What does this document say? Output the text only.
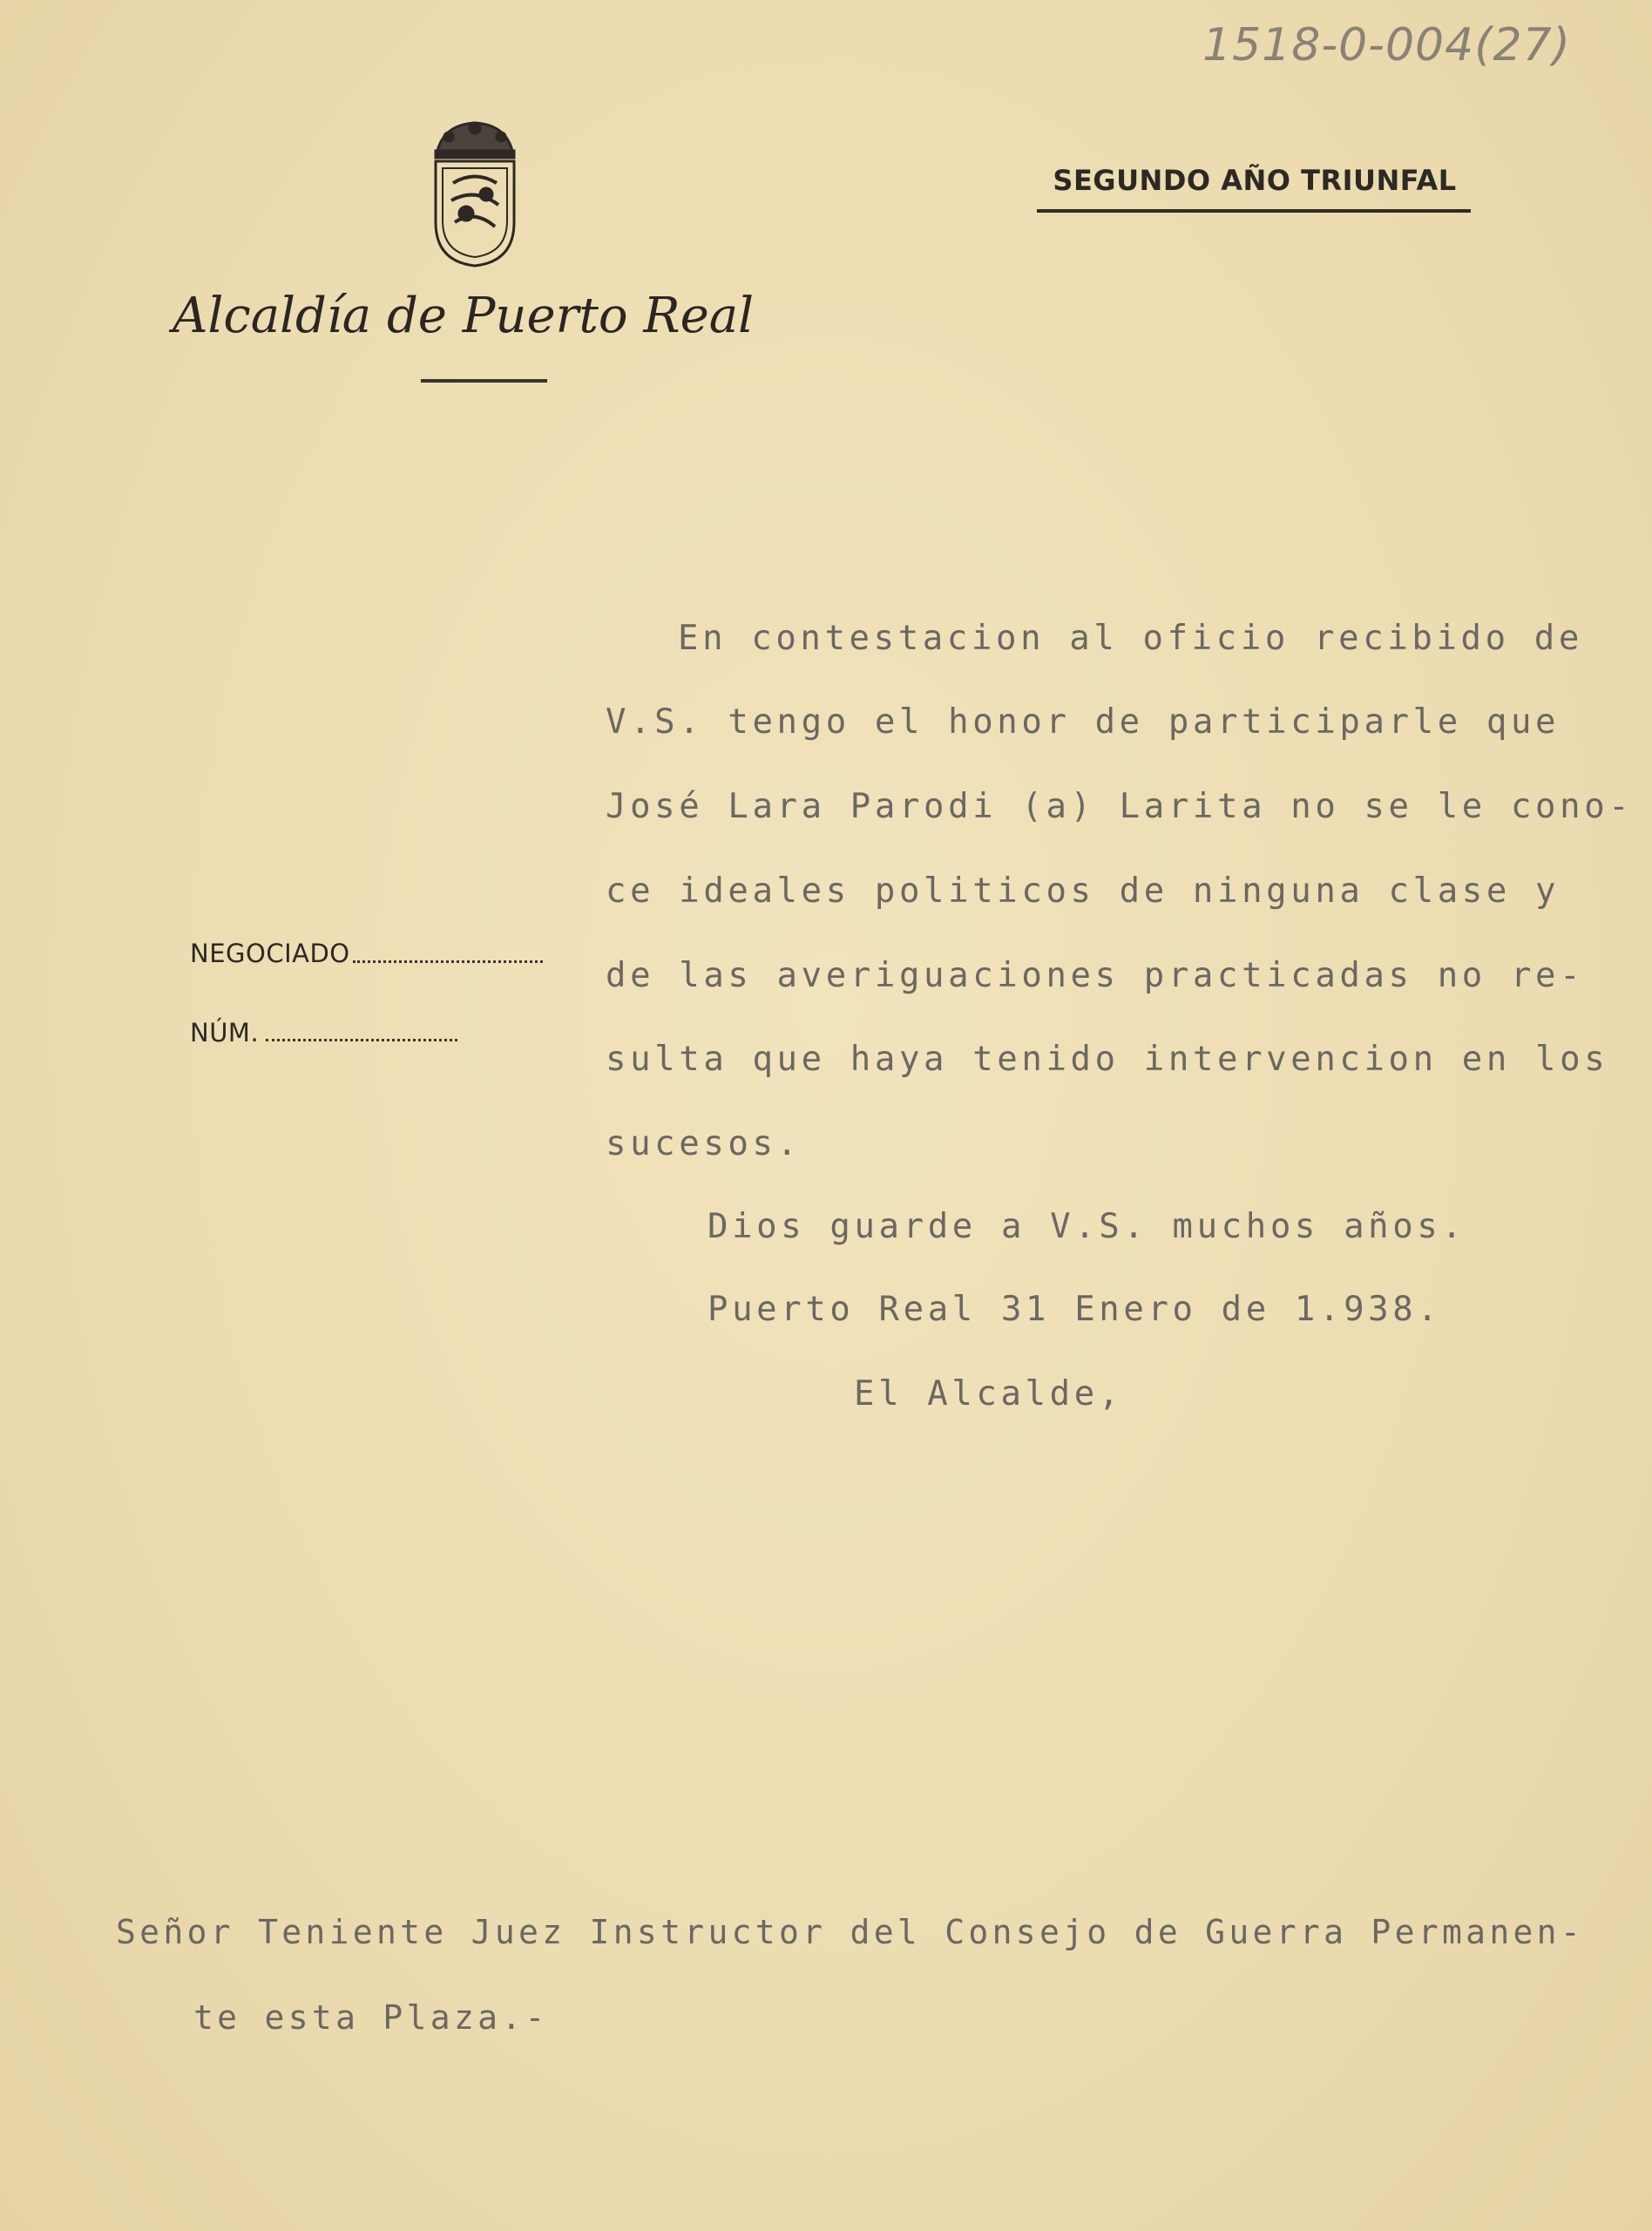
1518-0-004(27)
Alcaldía de Puerto Real
SEGUNDO AÑO TRIUNFAL
NEGOCIADO
NÚM.
En contestacion al oficio recibido de
V.S. tengo el honor de participarle que
José Lara Parodi (a) Larita no se le cono-
ce ideales politicos de ninguna clase y
de las averiguaciones practicadas no re-
sulta que haya tenido intervencion en los
sucesos.
Dios guarde a V.S. muchos años.
Puerto Real 31 Enero de 1.938.
El Alcalde,
Señor Teniente Juez Instructor del Consejo de Guerra Permanen-
te esta Plaza.-
